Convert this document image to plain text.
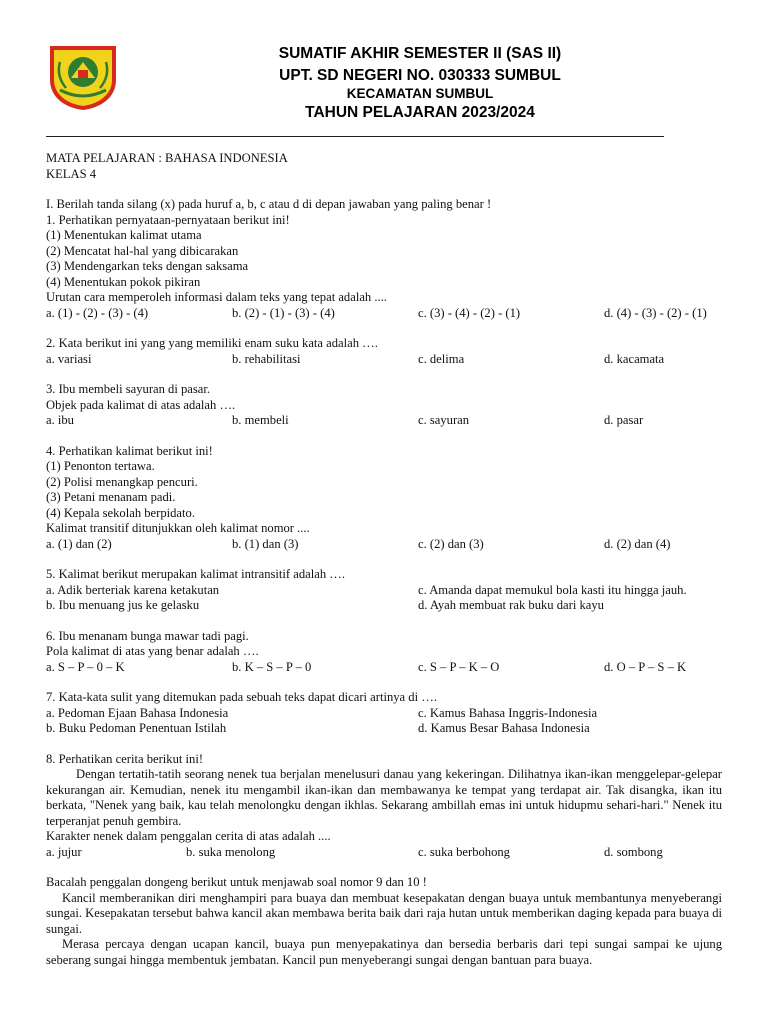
SUMATIF AKHIR SEMESTER II (SAS II)
UPT. SD NEGERI NO. 030333 SUMBUL
KECAMATAN SUMBUL
TAHUN PELAJARAN 2023/2024
MATA PELAJARAN : BAHASA INDONESIA
KELAS 4
I. Berilah tanda silang (x) pada huruf a, b, c atau d di depan jawaban yang paling benar !
1. Perhatikan pernyataan-pernyataan berikut ini!
(1) Menentukan kalimat utama
(2) Mencatat hal-hal yang dibicarakan
(3) Mendengarkan teks dengan saksama
(4) Menentukan pokok pikiran
Urutan cara memperoleh informasi dalam teks yang tepat adalah ....
a. (1) - (2) - (3) - (4)	b. (2) - (1) - (3) - (4)	c. (3) - (4) - (2) - (1)	d. (4) - (3) - (2) - (1)
2. Kata berikut ini yang yang memiliki enam suku kata adalah ….
a. variasi	b. rehabilitasi	c. delima	d. kacamata
3. Ibu membeli sayuran di pasar.
Objek pada kalimat di atas adalah ….
a. ibu	b. membeli	c. sayuran	d. pasar
4. Perhatikan kalimat berikut ini!
(1) Penonton tertawa.
(2) Polisi menangkap pencuri.
(3) Petani menanam padi.
(4) Kepala sekolah berpidato.
Kalimat transitif ditunjukkan oleh kalimat nomor ....
a. (1) dan (2)	b. (1) dan (3)	c. (2) dan (3)	d. (2) dan (4)
5. Kalimat berikut merupakan kalimat intransitif adalah ….
a. Adik berteriak karena ketakutan	c. Amanda dapat memukul bola kasti itu hingga jauh.
b. Ibu menuang jus ke gelasku	d. Ayah membuat rak buku dari kayu
6. Ibu menanam bunga mawar tadi pagi.
Pola kalimat di atas yang benar adalah ….
a. S – P – 0 – K	b. K – S – P – 0	c. S – P – K – O	d. O – P – S – K
7. Kata-kata sulit yang ditemukan pada sebuah teks dapat dicari artinya di ….
a. Pedoman Ejaan Bahasa Indonesia	c. Kamus Bahasa Inggris-Indonesia
b. Buku Pedoman Penentuan Istilah	d. Kamus Besar Bahasa Indonesia
8. Perhatikan cerita berikut ini!
Dengan tertatih-tatih seorang nenek tua berjalan menelusuri danau yang kekeringan. Dilihatnya ikan-ikan menggelepar-gelepar kekurangan air. Kemudian, nenek itu mengambil ikan-ikan dan membawanya ke tempat yang terdapat air. Tak disangka, ikan itu berkata, "Nenek yang baik, kau telah menolongku dengan ikhlas. Sekarang ambillah emas ini untuk hidupmu sehari-hari." Nenek itu terperanjat penuh gembira.
Karakter nenek dalam penggalan cerita di atas adalah ....
a. jujur	b. suka menolong	c. suka berbohong	d. sombong
Bacalah penggalan dongeng berikut untuk menjawab soal nomor 9 dan 10 !
Kancil memberanikan diri menghampiri para buaya dan membuat kesepakatan dengan buaya untuk membantunya menyeberangi sungai. Kesepakatan tersebut bahwa kancil akan membawa berita baik dari raja hutan untuk memberikan daging kepada para buaya di sungai.
Merasa percaya dengan ucapan kancil, buaya pun menyepakatinya dan bersedia berbaris dari tepi sungai sampai ke ujung seberang sungai hingga membentuk jembatan. Kancil pun menyeberangi sungai dengan bantuan para buaya.
